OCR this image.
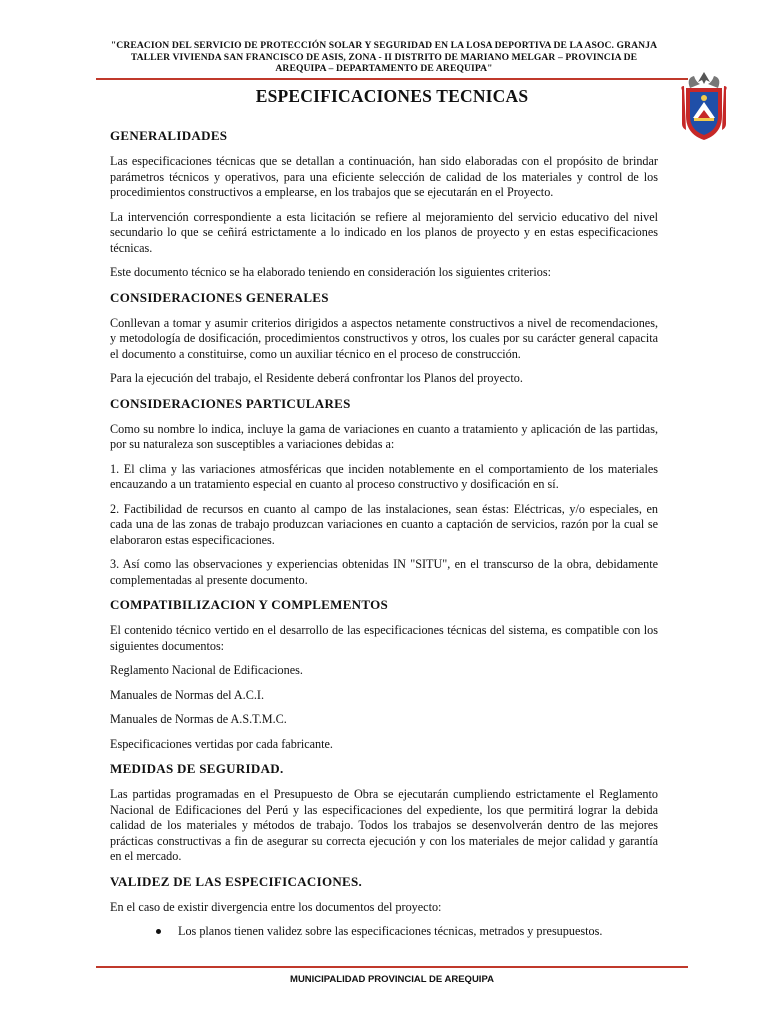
"CREACION DEL SERVICIO DE PROTECCIÓN SOLAR Y SEGURIDAD EN LA LOSA DEPORTIVA DE LA ASOC. GRANJA TALLER VIVIENDA SAN FRANCISCO DE ASIS, ZONA - II DISTRITO DE MARIANO MELGAR – PROVINCIA DE AREQUIPA – DEPARTAMENTO DE AREQUIPA"
ESPECIFICACIONES TECNICAS
GENERALIDADES

Las especificaciones técnicas que se detallan a continuación, han sido elaboradas con el propósito de brindar parámetros técnicos y operativos, para una eficiente selección de calidad de los materiales y control de los procedimientos constructivos a emplearse, en los trabajos que se ejecutarán en el Proyecto.

La intervención correspondiente a esta licitación se refiere al mejoramiento del servicio educativo del nivel secundario lo que se ceñirá estrictamente a lo indicado en los planos de proyecto y en estas especificaciones técnicas.

Este documento técnico se ha elaborado teniendo en consideración los siguientes criterios:

CONSIDERACIONES GENERALES

Conllevan a tomar y asumir criterios dirigidos a aspectos netamente constructivos a nivel de recomendaciones, y metodología de dosificación, procedimientos constructivos y otros, los cuales por su carácter general capacita el documento a constituirse, como un auxiliar técnico en el proceso de construcción.

Para la ejecución del trabajo, el Residente deberá confrontar los Planos del proyecto.

CONSIDERACIONES PARTICULARES

Como su nombre lo indica, incluye la gama de variaciones en cuanto a tratamiento y aplicación de las partidas, por su naturaleza son susceptibles a variaciones debidas a:

1. El clima y las variaciones atmosféricas que inciden notablemente en el comportamiento de los materiales encauzando a un tratamiento especial en cuanto al proceso constructivo y dosificación en sí.

2. Factibilidad de recursos en cuanto al campo de las instalaciones, sean éstas: Eléctricas, y/o especiales, en cada una de las zonas de trabajo produzcan variaciones en cuanto a captación de servicios, razón por la cual se elaboraron estas especificaciones.

3. Así como las observaciones y experiencias obtenidas IN "SITU", en el transcurso de la obra, debidamente complementadas al presente documento.

COMPATIBILIZACION Y COMPLEMENTOS

El contenido técnico vertido en el desarrollo de las especificaciones técnicas del sistema, es compatible con los siguientes documentos:

Reglamento Nacional de Edificaciones.

Manuales de Normas del A.C.I.

Manuales de Normas de A.S.T.M.C.

Especificaciones vertidas por cada fabricante.

MEDIDAS DE SEGURIDAD.

Las partidas programadas en el Presupuesto de Obra se ejecutarán cumpliendo estrictamente el Reglamento Nacional de Edificaciones del Perú y las especificaciones del expediente, los que permitirá lograr la debida calidad de los materiales y métodos de trabajo. Todos los trabajos se desenvolverán dentro de las mejores prácticas constructivas a fin de asegurar su correcta ejecución y con los materiales de mejor calidad y garantía en el mercado.

VALIDEZ DE LAS ESPECIFICACIONES.

En el caso de existir divergencia entre los documentos del proyecto:

Los planos tienen validez sobre las especificaciones técnicas, metrados y presupuestos.
MUNICIPALIDAD PROVINCIAL DE AREQUIPA
